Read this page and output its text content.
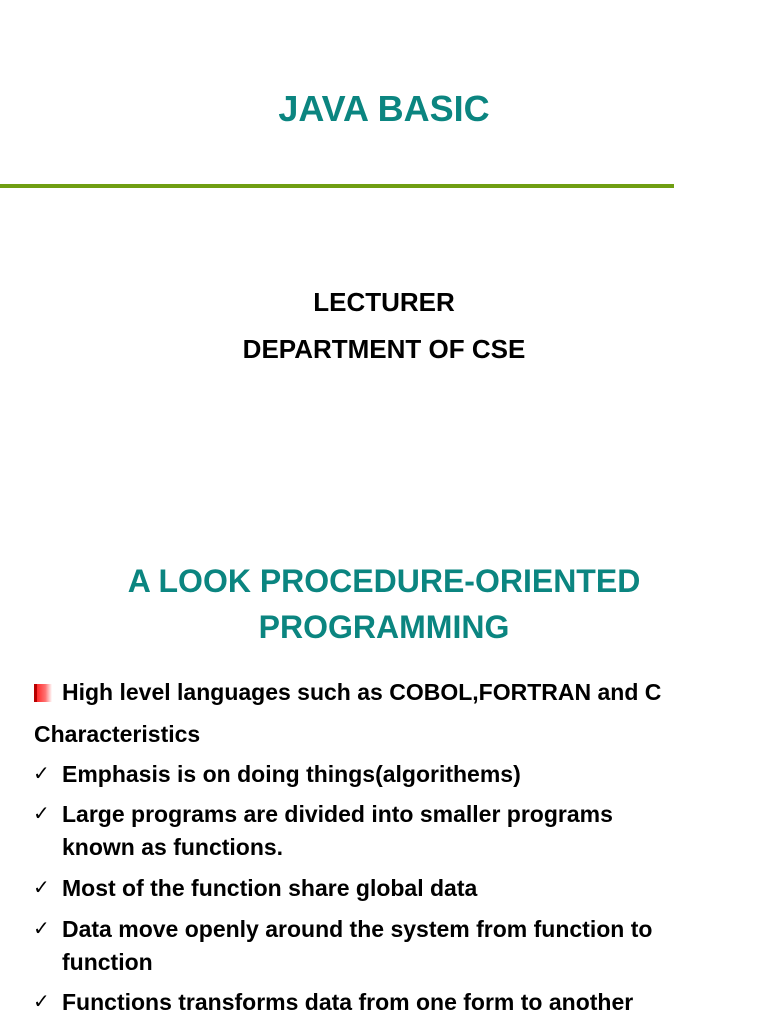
JAVA BASIC

LECTURER

DEPARTMENT OF CSE

A LOOK PROCEDURE-ORIENTED
PROGRAMMING
High level languages such as COBOL,FORTRAN and C
Characteristics
✓ Emphasis is on doing things(algorithems)
✓ Large programs are divided into smaller programs
known as functions.
✓ Most of the function share global data
✓ Data move openly around the system from function to
function
✓ Functions transforms data from one form to another
